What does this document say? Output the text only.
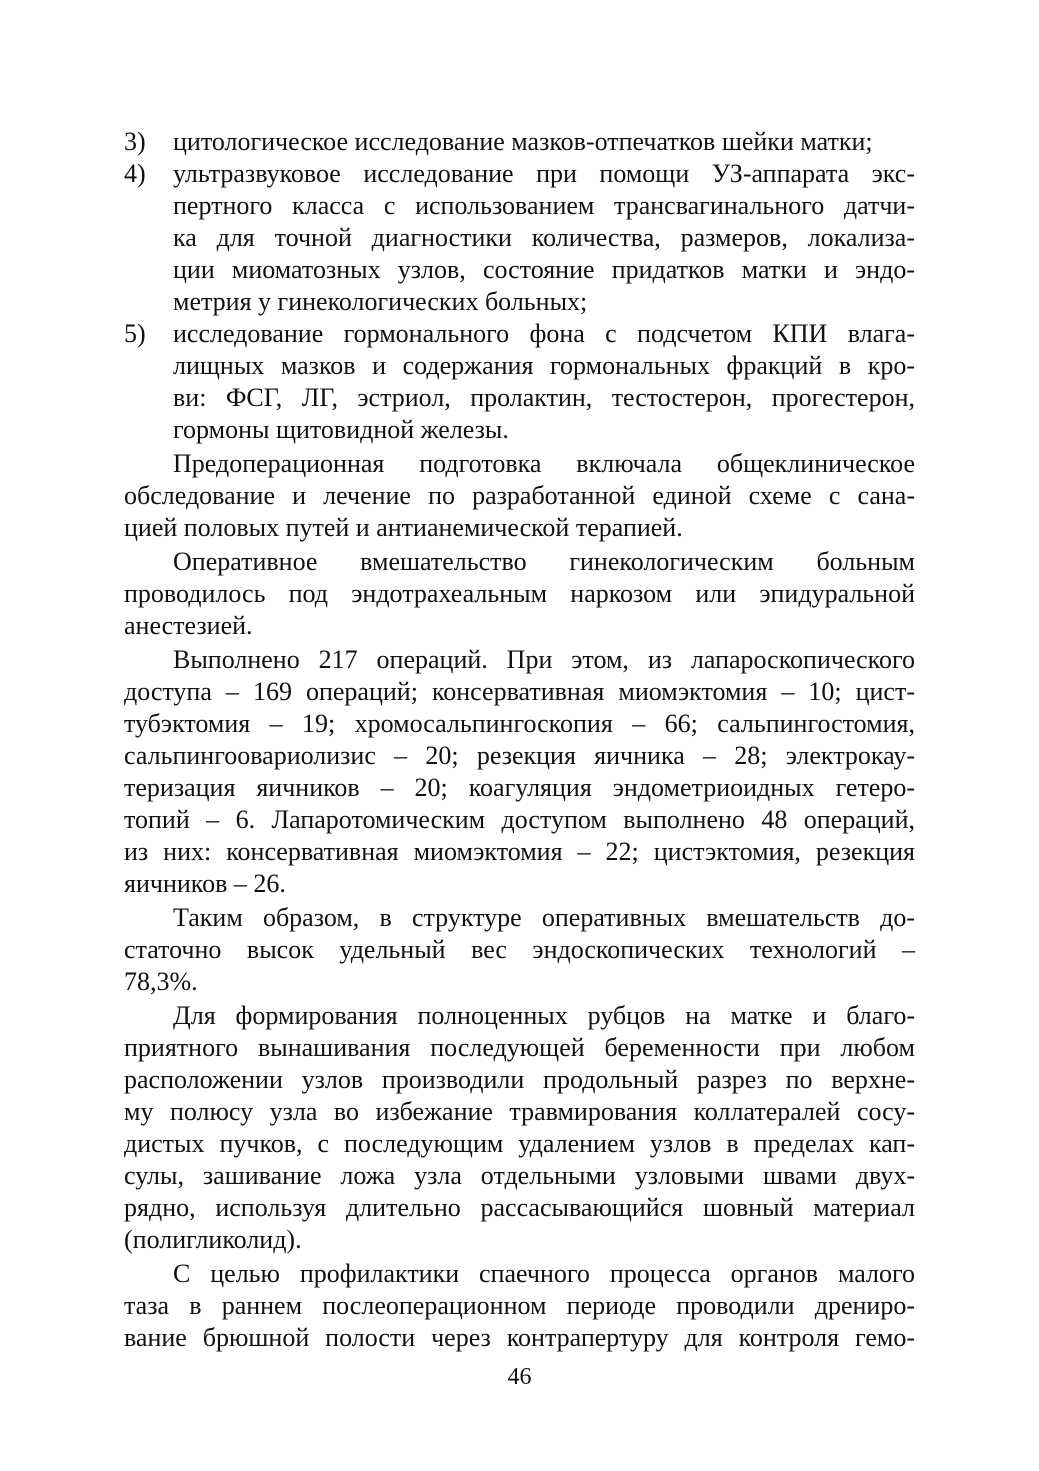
3) цитологическое исследование мазков-отпечатков шейки матки;
4) ультразвуковое исследование при помощи УЗ-аппарата экс-
пертного класса с использованием трансвагинального датчи-
ка для точной диагностики количества, размеров, локализа-
ции миоматозных узлов, состояние придатков матки и эндо-
метрия у гинекологических больных;
5) исследование гормонального фона с подсчетом КПИ влага-
лищных мазков и содержания гормональных фракций в кро-
ви: ФСГ, ЛГ, эстриол, пролактин, тестостерон, прогестерон,
гормоны щитовидной железы.
Предоперационная подготовка включала общеклиническое
обследование и лечение по разработанной единой схеме с сана-
цией половых путей и антианемической терапией.
Оперативное вмешательство гинекологическим больным
проводилось под эндотрахеальным наркозом или эпидуральной
анестезией.
Выполнено 217 операций. При этом, из лапароскопического
доступа – 169 операций; консервативная миомэктомия – 10; цист-
тубэктомия – 19; хромосальпингоскопия – 66; сальпингостомия,
сальпингоовариолизис – 20; резекция яичника – 28; электрокау-
теризация яичников – 20; коагуляция эндометриоидных гетеро-
топий – 6. Лапаротомическим доступом выполнено 48 операций,
из них: консервативная миомэктомия – 22; цистэктомия, резекция
яичников – 26.
Таким образом, в структуре оперативных вмешательств до-
статочно высок удельный вес эндоскопических технологий –
78,3%.
Для формирования полноценных рубцов на матке и благо-
приятного вынашивания последующей беременности при любом
расположении узлов производили продольный разрез по верхне-
му полюсу узла во избежание травмирования коллатералей сосу-
дистых пучков, с последующим удалением узлов в пределах кап-
сулы, зашивание ложа узла отдельными узловыми швами двух-
рядно, используя длительно рассасывающийся шовный материал
(полигликолид).
С целью профилактики спаечного процесса органов малого
таза в раннем послеоперационном периоде проводили дрениро-
вание брюшной полости через контрапертуру для контроля гемо-
46
